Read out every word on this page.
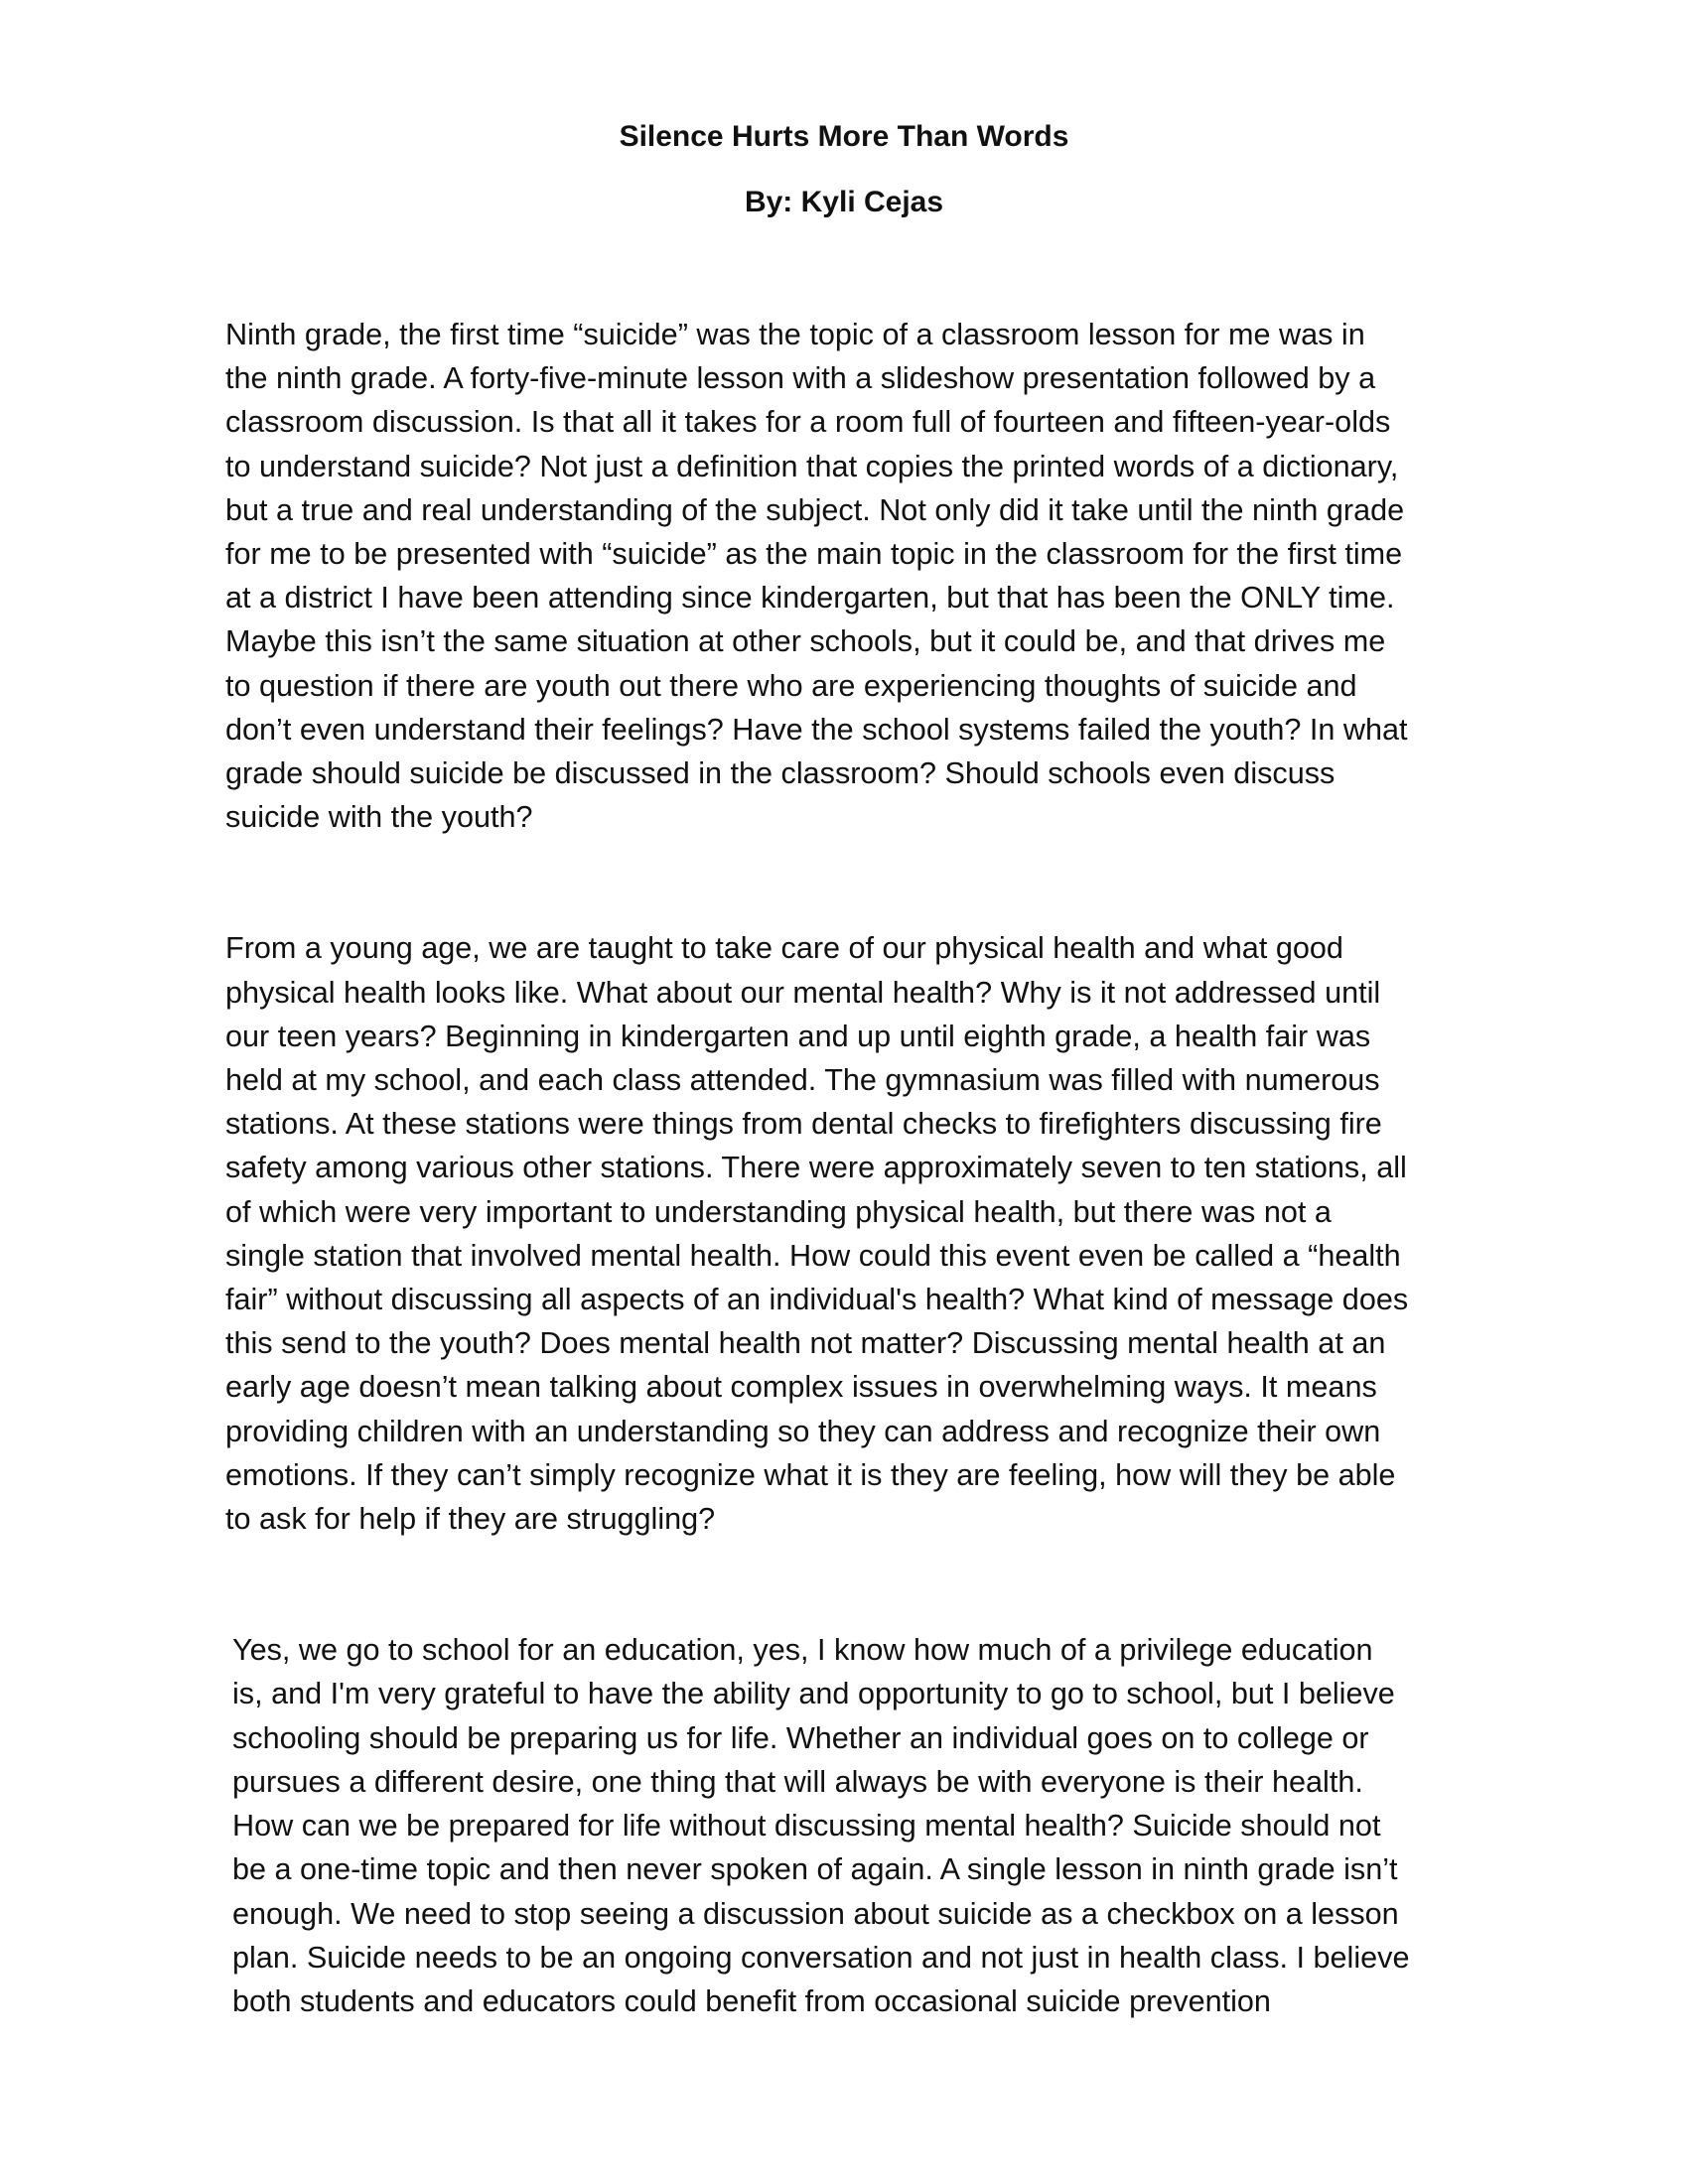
Silence Hurts More Than Words
By: Kyli Cejas

Ninth grade, the first time “suicide” was the topic of a classroom lesson for me was in
the ninth grade. A forty-five-minute lesson with a slideshow presentation followed by a
classroom discussion. Is that all it takes for a room full of fourteen and fifteen-year-olds
to understand suicide? Not just a definition that copies the printed words of a dictionary,
but a true and real understanding of the subject. Not only did it take until the ninth grade
for me to be presented with “suicide” as the main topic in the classroom for the first time
at a district I have been attending since kindergarten, but that has been the ONLY time.
Maybe this isn’t the same situation at other schools, but it could be, and that drives me
to question if there are youth out there who are experiencing thoughts of suicide and
don’t even understand their feelings? Have the school systems failed the youth? In what
grade should suicide be discussed in the classroom? Should schools even discuss
suicide with the youth?

From a young age, we are taught to take care of our physical health and what good
physical health looks like. What about our mental health? Why is it not addressed until
our teen years? Beginning in kindergarten and up until eighth grade, a health fair was
held at my school, and each class attended. The gymnasium was filled with numerous
stations. At these stations were things from dental checks to firefighters discussing fire
safety among various other stations. There were approximately seven to ten stations, all
of which were very important to understanding physical health, but there was not a
single station that involved mental health. How could this event even be called a “health
fair” without discussing all aspects of an individual's health? What kind of message does
this send to the youth? Does mental health not matter? Discussing mental health at an
early age doesn’t mean talking about complex issues in overwhelming ways. It means
providing children with an understanding so they can address and recognize their own
emotions. If they can’t simply recognize what it is they are feeling, how will they be able
to ask for help if they are struggling?

Yes, we go to school for an education, yes, I know how much of a privilege education
is, and I'm very grateful to have the ability and opportunity to go to school, but I believe
schooling should be preparing us for life. Whether an individual goes on to college or
pursues a different desire, one thing that will always be with everyone is their health.
How can we be prepared for life without discussing mental health? Suicide should not
be a one-time topic and then never spoken of again. A single lesson in ninth grade isn’t
enough. We need to stop seeing a discussion about suicide as a checkbox on a lesson
plan. Suicide needs to be an ongoing conversation and not just in health class. I believe
both students and educators could benefit from occasional suicide prevention
